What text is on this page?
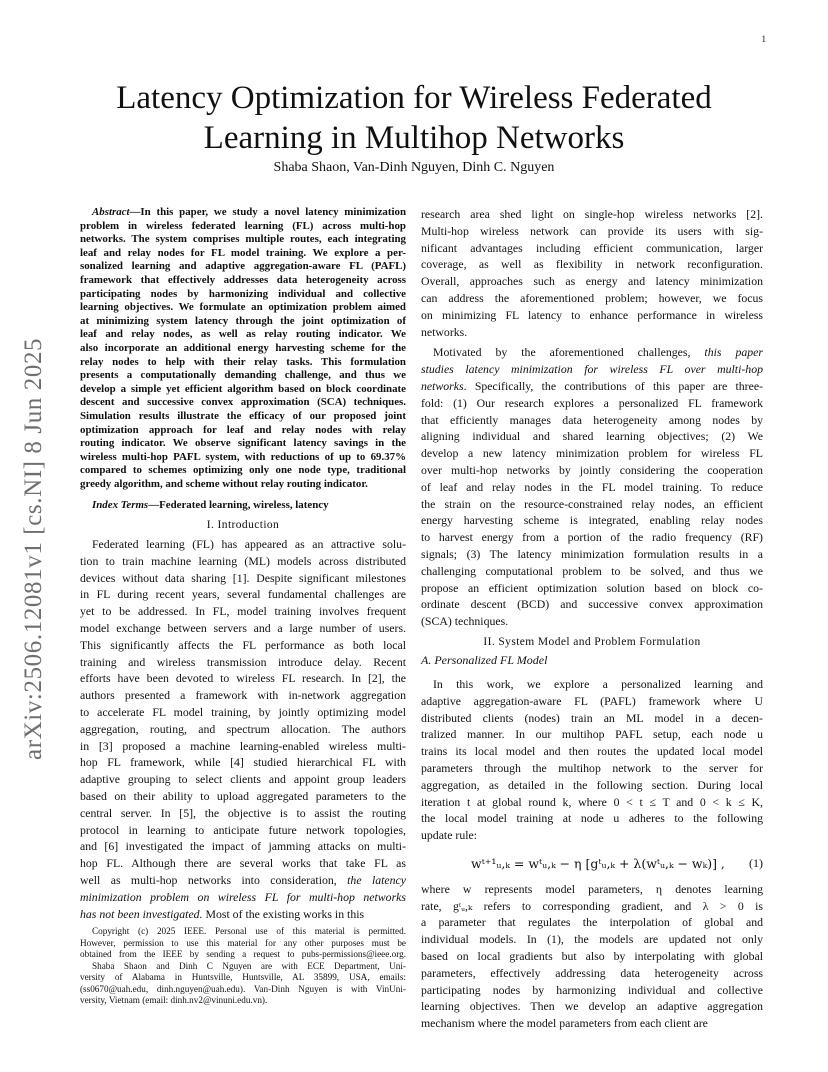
1
arXiv:2506.12081v1 [cs.NI] 8 Jun 2025
Latency Optimization for Wireless Federated
Learning in Multihop Networks
Shaba Shaon, Van-Dinh Nguyen, Dinh C. Nguyen
Abstract—In this paper, we study a novel latency minimization
problem in wireless federated learning (FL) across multi-hop
networks. The system comprises multiple routes, each integrating
leaf and relay nodes for FL model training. We explore a per-
sonalized learning and adaptive aggregation-aware FL (PAFL)
framework that effectively addresses data heterogeneity across
participating nodes by harmonizing individual and collective
learning objectives. We formulate an optimization problem aimed
at minimizing system latency through the joint optimization of
leaf and relay nodes, as well as relay routing indicator. We
also incorporate an additional energy harvesting scheme for the
relay nodes to help with their relay tasks. This formulation
presents a computationally demanding challenge, and thus we
develop a simple yet efficient algorithm based on block coordinate
descent and successive convex approximation (SCA) techniques.
Simulation results illustrate the efficacy of our proposed joint
optimization approach for leaf and relay nodes with relay
routing indicator. We observe significant latency savings in the
wireless multi-hop PAFL system, with reductions of up to 69.37%
compared to schemes optimizing only one node type, traditional
greedy algorithm, and scheme without relay routing indicator.
Index Terms—Federated learning, wireless, latency
I. Introduction
Federated learning (FL) has appeared as an attractive solu-
tion to train machine learning (ML) models across distributed
devices without data sharing [1]. Despite significant milestones
in FL during recent years, several fundamental challenges are
yet to be addressed. In FL, model training involves frequent
model exchange between servers and a large number of users.
This significantly affects the FL performance as both local
training and wireless transmission introduce delay. Recent
efforts have been devoted to wireless FL research. In [2], the
authors presented a framework with in-network aggregation
to accelerate FL model training, by jointly optimizing model
aggregation, routing, and spectrum allocation. The authors
in [3] proposed a machine learning-enabled wireless multi-
hop FL framework, while [4] studied hierarchical FL with
adaptive grouping to select clients and appoint group leaders
based on their ability to upload aggregated parameters to the
central server. In [5], the objective is to assist the routing
protocol in learning to anticipate future network topologies,
and [6] investigated the impact of jamming attacks on multi-
hop FL. Although there are several works that take FL as
well as multi-hop networks into consideration, the latency
minimization problem on wireless FL for multi-hop networks
has not been investigated. Most of the existing works in this
Copyright (c) 2025 IEEE. Personal use of this material is permitted.
However, permission to use this material for any other purposes must be
obtained from the IEEE by sending a request to pubs-permissions@ieee.org.
Shaba Shaon and Dinh C Nguyen are with ECE Department, Uni-
versity of Alabama in Huntsville, Huntsville, AL 35899, USA, emails:
(ss0670@uah.edu, dinh.nguyen@uah.edu). Van-Dinh Nguyen is with VinUni-
versity, Vietnam (email: dinh.nv2@vinuni.edu.vn).
research area shed light on single-hop wireless networks [2].
Multi-hop wireless network can provide its users with sig-
nificant advantages including efficient communication, larger
coverage, as well as flexibility in network reconfiguration.
Overall, approaches such as energy and latency minimization
can address the aforementioned problem; however, we focus
on minimizing FL latency to enhance performance in wireless
networks.
Motivated by the aforementioned challenges, this paper
studies latency minimization for wireless FL over multi-hop
networks. Specifically, the contributions of this paper are three-
fold: (1) Our research explores a personalized FL framework
that efficiently manages data heterogeneity among nodes by
aligning individual and shared learning objectives; (2) We
develop a new latency minimization problem for wireless FL
over multi-hop networks by jointly considering the cooperation
of leaf and relay nodes in the FL model training. To reduce
the strain on the resource-constrained relay nodes, an efficient
energy harvesting scheme is integrated, enabling relay nodes
to harvest energy from a portion of the radio frequency (RF)
signals; (3) The latency minimization formulation results in a
challenging computational problem to be solved, and thus we
propose an efficient optimization solution based on block co-
ordinate descent (BCD) and successive convex approximation
(SCA) techniques.
II. System Model and Problem Formulation
A. Personalized FL Model
In this work, we explore a personalized learning and
adaptive aggregation-aware FL (PAFL) framework where U
distributed clients (nodes) train an ML model in a decen-
tralized manner. In our multihop PAFL setup, each node u
trains its local model and then routes the updated local model
parameters through the multihop network to the server for
aggregation, as detailed in the following section. During local
iteration t at global round k, where 0 < t ≤ T and 0 < k ≤ K,
the local model training at node u adheres to the following
update rule:
wᵗ⁺¹ᵤ,ₖ = wᵗᵤ,ₖ − η [gᵗᵤ,ₖ + λ(wᵗᵤ,ₖ − wₖ)] , (1)
where w represents model parameters, η denotes learning
rate, gᵗᵤ,ₖ refers to corresponding gradient, and λ > 0 is
a parameter that regulates the interpolation of global and
individual models. In (1), the models are updated not only
based on local gradients but also by interpolating with global
parameters, effectively addressing data heterogeneity across
participating nodes by harmonizing individual and collective
learning objectives. Then we develop an adaptive aggregation
mechanism where the model parameters from each client are
